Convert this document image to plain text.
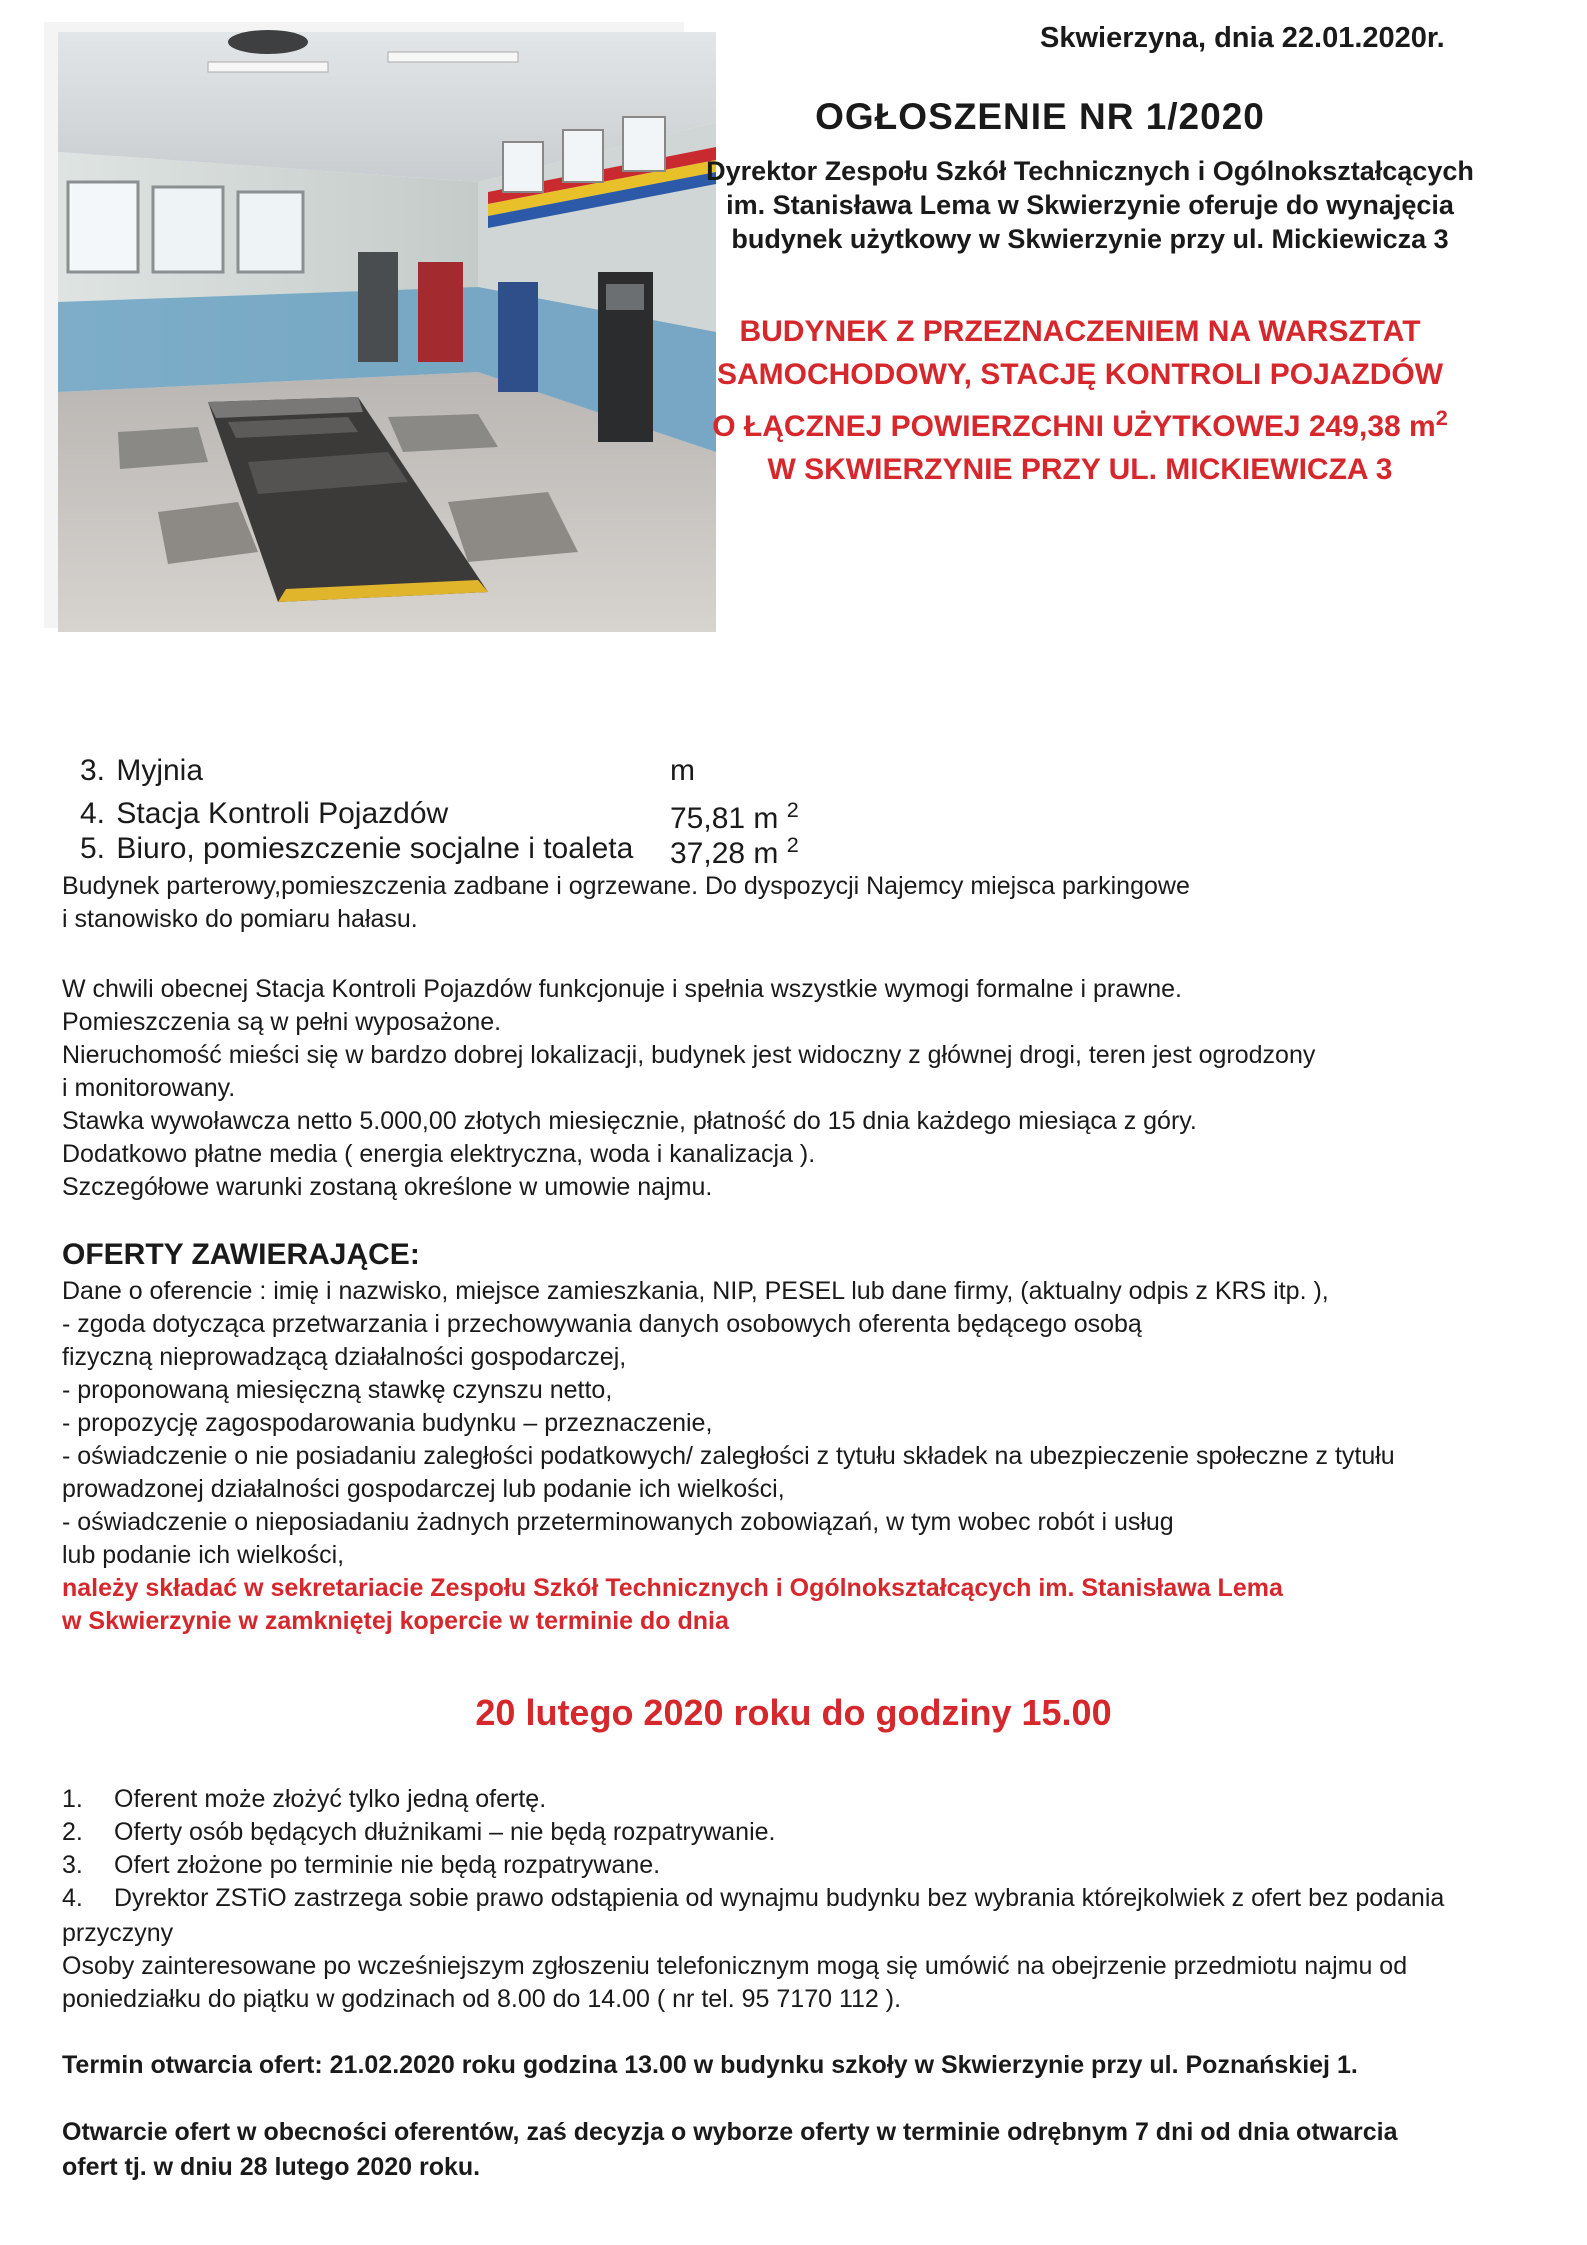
Skwierzyna, dnia 22.01.2020r.
OGŁOSZENIE NR 1/2020
Dyrektor Zespołu Szkół Technicznych i Ogólnokształcących
im. Stanisława Lema w Skwierzynie oferuje do wynajęcia
budynek użytkowy w Skwierzynie przy ul. Mickiewicza 3
BUDYNEK Z PRZEZNACZENIEM NA WARSZTAT
SAMOCHODOWY, STACJĘ KONTROLI POJAZDÓW
O ŁĄCZNEJ POWIERZCHNI UŻYTKOWEJ 249,38 $m^2$
W SKWIERZYNIE PRZY UL. MICKIEWICZA 3
3. Myjnia	m
4. Stacja Kontroli Pojazdów	75,81 m $^2$
5. Biuro, pomieszczenie socjalne i toaleta 37,28 m $^2$
Budynek parterowy,pomieszczenia zadbane i ogrzewane. Do dyspozycji Najemcy miejsca parkingowe
i stanowisko do pomiaru hałasu.
W chwili obecnej Stacja Kontroli Pojazdów funkcjonuje i spełnia wszystkie wymogi formalne i prawne.
Pomieszczenia są w pełni wyposażone.
Nieruchomość mieści się w bardzo dobrej lokalizacji, budynek jest widoczny z głównej drogi, teren jest ogrodzony
i monitorowany.
Stawka wywoławcza netto 5.000,00 złotych miesięcznie, płatność do 15 dnia każdego miesiąca z góry.
Dodatkowo płatne media ( energia elektryczna, woda i kanalizacja ).
Szczegółowe warunki zostaną określone w umowie najmu.
OFERTY ZAWIERAJĄCE:
Dane o oferencie : imię i nazwisko, miejsce zamieszkania, NIP, PESEL lub dane firmy, (aktualny odpis z KRS itp. ),
- zgoda dotycząca przetwarzania i przechowywania danych osobowych oferenta będącego osobą
fizyczną nieprowadzącą działalności gospodarczej,
- proponowaną miesięczną stawkę czynszu netto,
- propozycję zagospodarowania budynku – przeznaczenie,
- oświadczenie o nie posiadaniu zaległości podatkowych/ zaległości z tytułu składek na ubezpieczenie społeczne z tytułu
prowadzonej działalności gospodarczej lub podanie ich wielkości,
- oświadczenie o nieposiadaniu żadnych przeterminowanych zobowiązań, w tym wobec robót i usług
lub podanie ich wielkości,
należy składać w sekretariacie Zespołu Szkół Technicznych i Ogólnokształcących im. Stanisława Lema
w Skwierzynie w zamkniętej kopercie w terminie do dnia
20 lutego 2020 roku do godziny 15.00
1. Oferent może złożyć tylko jedną ofertę.
2. Oferty osób będących dłużnikami – nie będą rozpatrywanie.
3. Ofert złożone po terminie nie będą rozpatrywane.
4. Dyrektor ZSTiO zastrzega sobie prawo odstąpienia od wynajmu budynku bez wybrania którejkolwiek z ofert bez podania
przyczyny
Osoby zainteresowane po wcześniejszym zgłoszeniu telefonicznym mogą się umówić na obejrzenie przedmiotu najmu od
poniedziałku do piątku w godzinach od 8.00 do 14.00 ( nr tel. 95 7170 112 ).
Termin otwarcia ofert: 21.02.2020 roku godzina 13.00 w budynku szkoły w Skwierzynie przy ul. Poznańskiej 1.
Otwarcie ofert w obecności oferentów, zaś decyzja o wyborze oferty w terminie odrębnym 7 dni od dnia otwarcia
ofert tj. w dniu 28 lutego 2020 roku.
